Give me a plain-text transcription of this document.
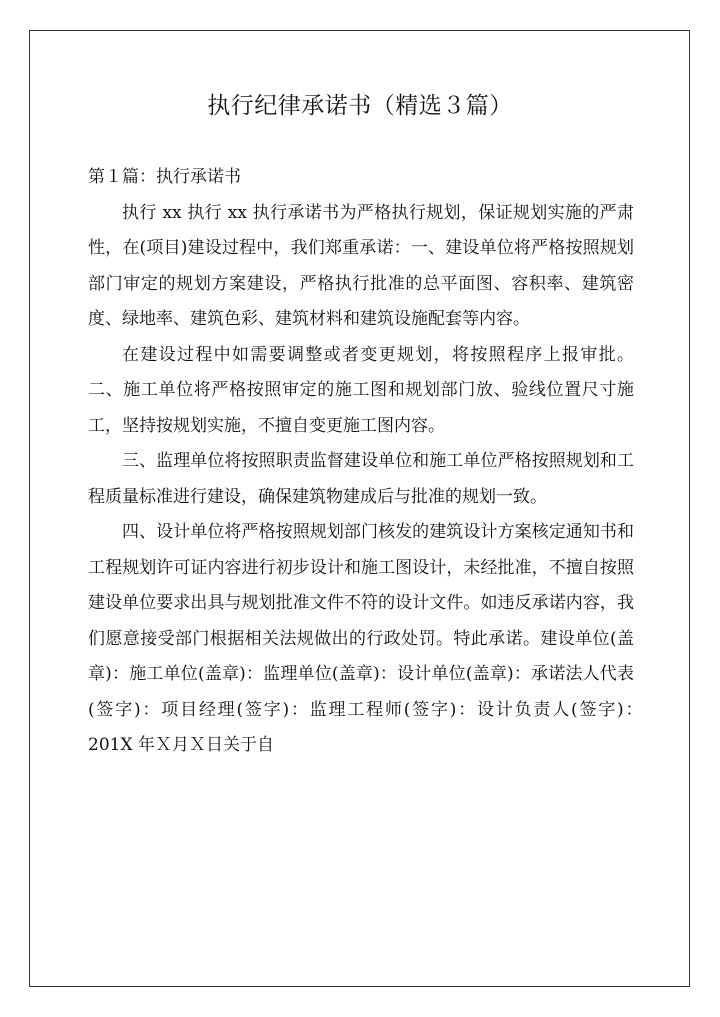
执行纪律承诺书（精选３篇）

第１篇：执行承诺书

执行 xx 执行 xx 执行承诺书为严格执行规划，保证规划实施的严肃性，在(项目)建设过程中，我们郑重承诺：一、建设单位将严格按照规划部门审定的规划方案建设，严格执行批准的总平面图、容积率、建筑密度、绿地率、建筑色彩、建筑材料和建筑设施配套等内容。

在建设过程中如需要调整或者变更规划，将按照程序上报审批。 二、施工单位将严格按照审定的施工图和规划部门放、验线位置尺寸施工，坚持按规划实施，不擅自变更施工图内容。

三、监理单位将按照职责监督建设单位和施工单位严格按照规划和工程质量标准进行建设，确保建筑物建成后与批准的规划一致。

四、设计单位将严格按照规划部门核发的建筑设计方案核定通知书和工程规划许可证内容进行初步设计和施工图设计，未经批准，不擅自按照建设单位要求出具与规划批准文件不符的设计文件。如违反承诺内容，我们愿意接受部门根据相关法规做出的行政处罚。特此承诺。建设单位(盖章)：施工单位(盖章)：监理单位(盖章)：设计单位(盖章)：承诺法人代表(签字)：项目经理(签字)：监理工程师(签字)：设计负责人(签字)：　201X 年Ｘ月Ｘ日关于自
